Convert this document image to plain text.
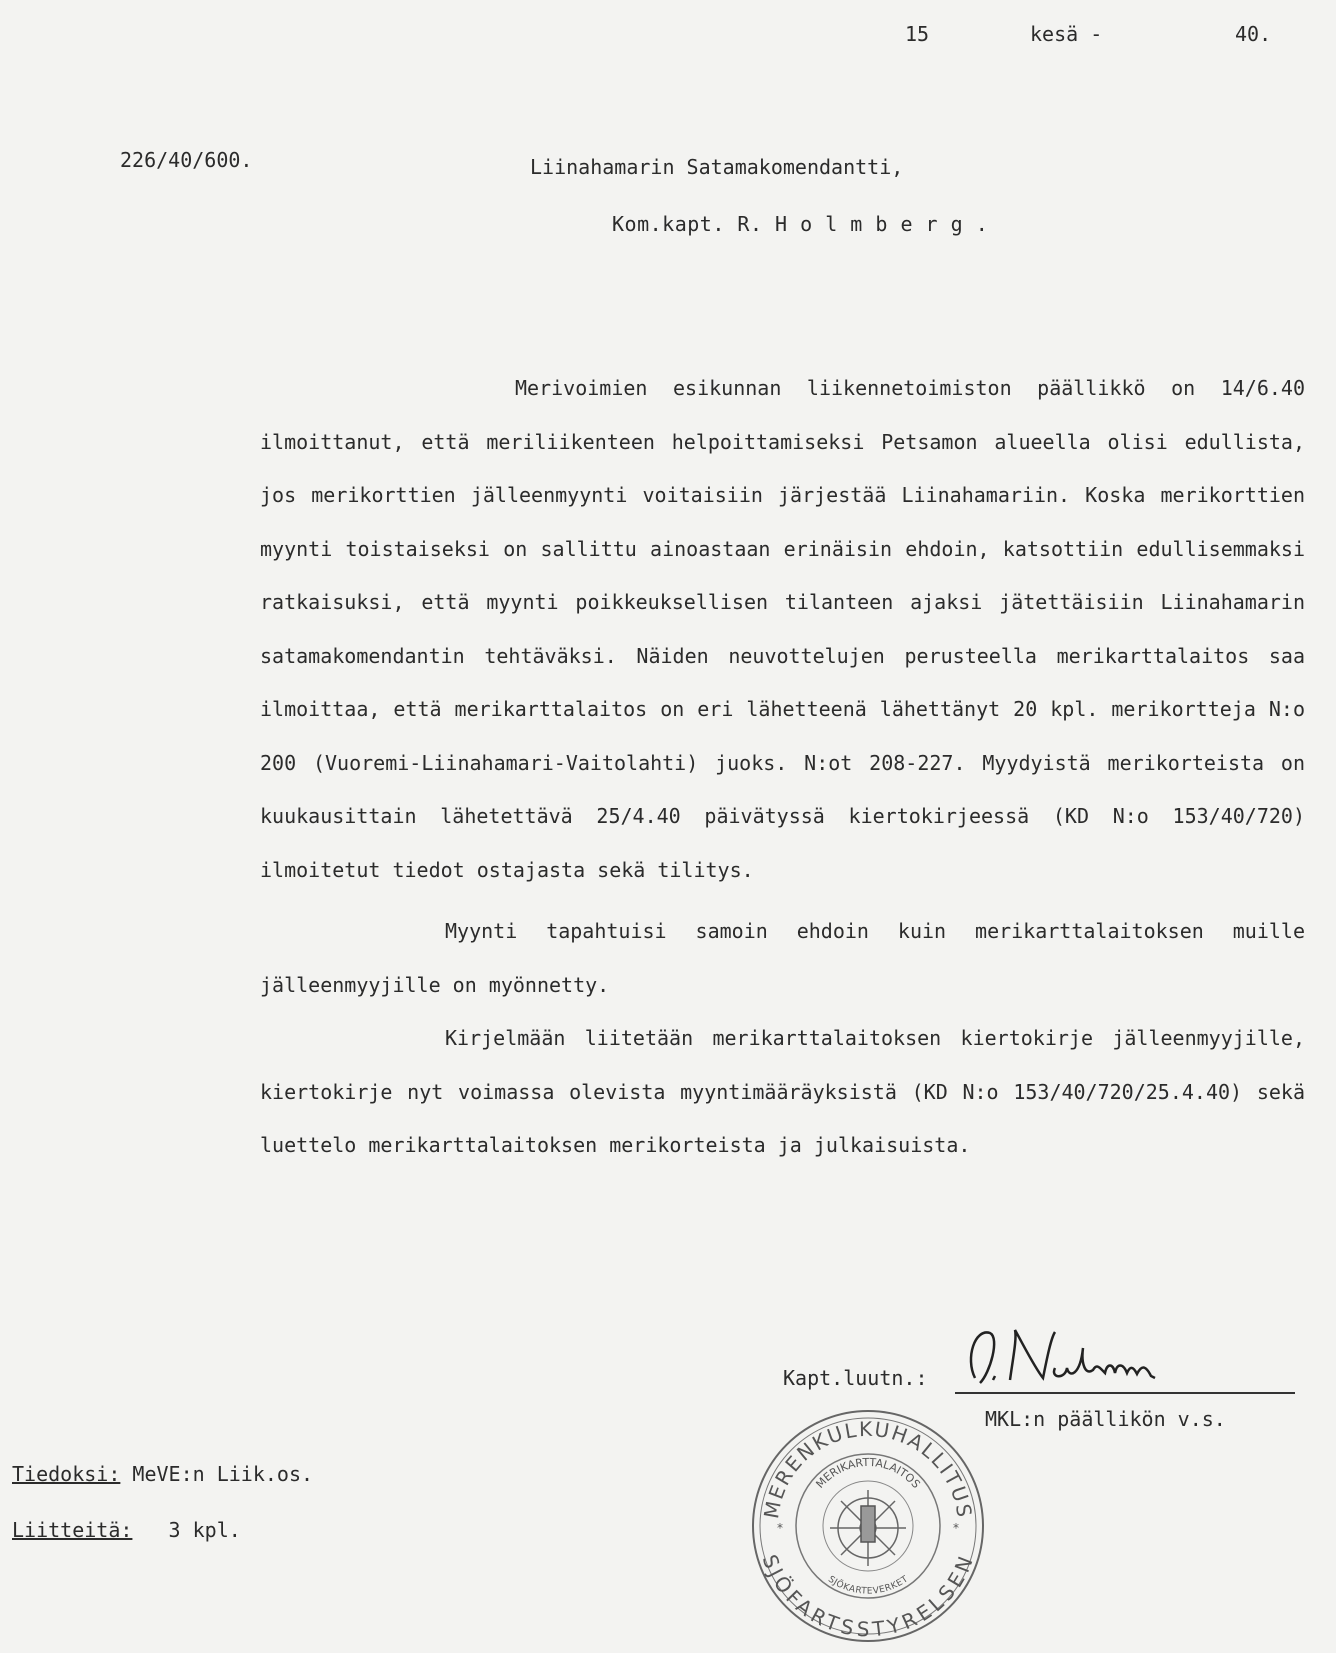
15	kesä -	40.
226/40/600.	Liinahamarin Satamakomendantti,
Kom.kapt. R. H o l m b e r g .

Merivoimien esikunnan liikennetoimiston päällikkö on 14/6.40 ilmoittanut, että meriliikenteen helpoittamiseksi Petsamon alueella olisi edullista, jos merikorttien jälleenmyynti voitaisiin järjestää Liinahamariin. Koska merikorttien myynti toistaiseksi on sallittu ainoastaan erinäisin ehdoin, katsottiin edullisemmaksi ratkaisuksi, että myynti poikkeuksellisen tilanteen ajaksi jätettäisiin Liinahamarin satamakomendantin tehtäväksi. Näiden neuvottelujen perusteella merikarttalaitos saa ilmoittaa, että merikarttalaitos on eri lähetteenä lähettänyt 20 kpl. merikortteja N:o 200 (Vuoremi-Liinahamari-Vaitolahti) juoks. N:ot 208-227. Myydyistä merikorteista on kuukausittain lähetettävä 25/4.40 päivätyssä kiertokirjeessä (KD N:o 153/40/720) ilmoitetut tiedot ostajasta sekä tilitys.

Myynti tapahtuisi samoin ehdoin kuin merikarttalaitoksen muille jälleenmyyjille on myönnetty.

Kirjelmään liitetään merikarttalaitoksen kiertokirje jälleenmyyjille, kiertokirje nyt voimassa olevista myyntimääräyksistä (KD N:o 153/40/720/25.4.40) sekä luettelo merikarttalaitoksen merikorteista ja julkaisuista.

Kapt.luutn.:
MKL:n päällikön v.s.
MERENKULKUHALLITUS
SJÖFARTSSTYRELSEN
MERIKARTTALAITOS
SJÖKARTEVERKET
*	*
Tiedoksi: MeVE:n Liik.os.
Liitteitä: 3 kpl.
